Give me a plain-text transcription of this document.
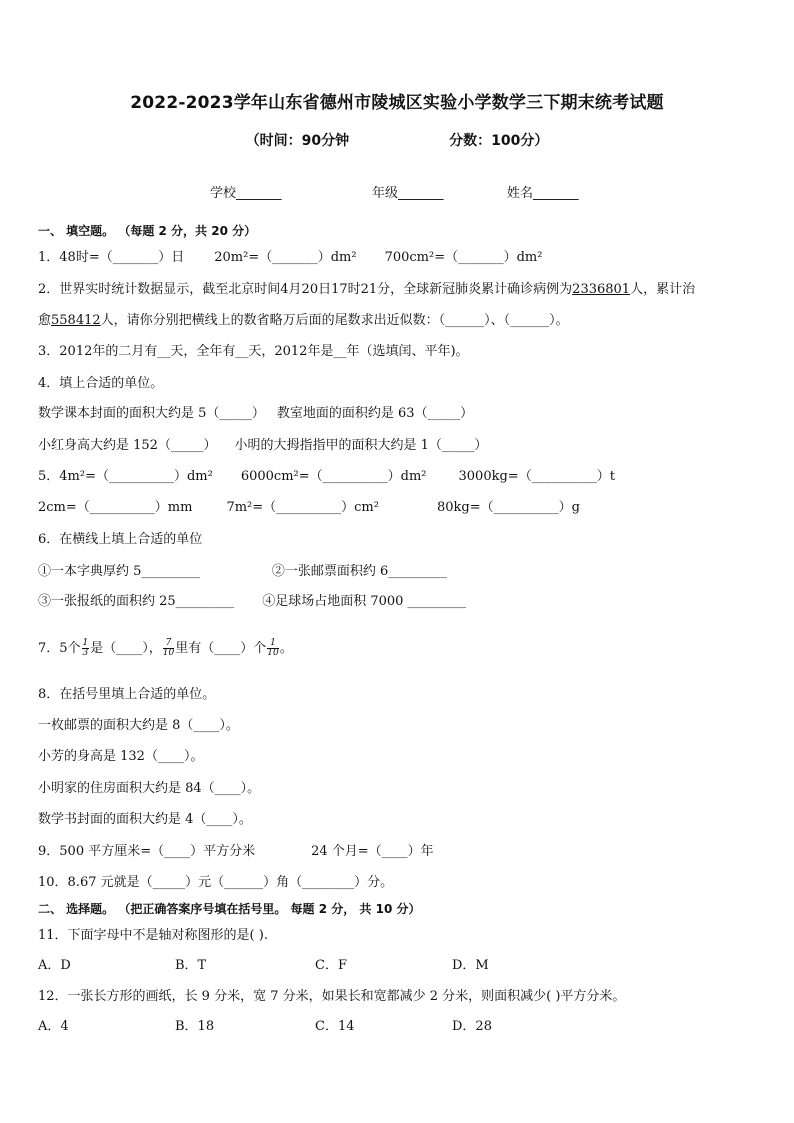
2022-2023学年山东省德州市陵城区实验小学数学三下期末统考试题
（时间：90分钟	分数：100分）
学校_______	年级_______	姓名_______
一、 填空题。 （每题 2 分，共 20 分）
1．48时=（_______）日 20m²=（_______）dm² 700cm²=（_______）dm²
2．世界实时统计数据显示，截至北京时间4月20日17时21分，全球新冠肺炎累计确诊病例为2336801人，累计治
愈558412人，请你分别把横线上的数省略万后面的尾数求出近似数：（______）、（______）。
3．2012年的二月有__天，全年有__天，2012年是__年（选填闰、平年)。
4．填上合适的单位。
数学课本封面的面积大约是 5（_____） 教室地面的面积约是 63（_____）
小红身高大约是 152（_____） 小明的大拇指指甲的面积大约是 1（_____）
5．4m²=（__________）dm² 6000cm²=（__________）dm² 3000kg=（__________）t
2cm=（__________）mm	7m²=（__________）cm²	80kg=（__________）g
6．在横线上填上合适的单位
①一本字典厚约 5_________	②一张邮票面积约 6_________
③一张报纸的面积约 25_________ ④足球场占地面积 7000 _________
7．5个 $\frac{1}{3}$ 是（____）， $\frac{7}{10}$ 里有（____）个 $\frac{1}{10}$ 。
8．在括号里填上合适的单位。
一枚邮票的面积大约是 8（____）。
小芳的身高是 132（____）。
小明家的住房面积大约是 84（____）。
数学书封面的面积大约是 4（____）。
9．500 平方厘米=（____）平方分米	24 个月=（____）年
10．8.67 元就是（_____）元（______）角（________）分。
二、 选择题。 （把正确答案序号填在括号里。 每题 2 分， 共 10 分）
11．下面字母中不是轴对称图形的是( ).
A．D	B．T	C．F	D．M
12．一张长方形的画纸，长 9 分米，宽 7 分米，如果长和宽都减少 2 分米，则面积减少( )平方分米。
A．4	B．18	C．14	D．28
